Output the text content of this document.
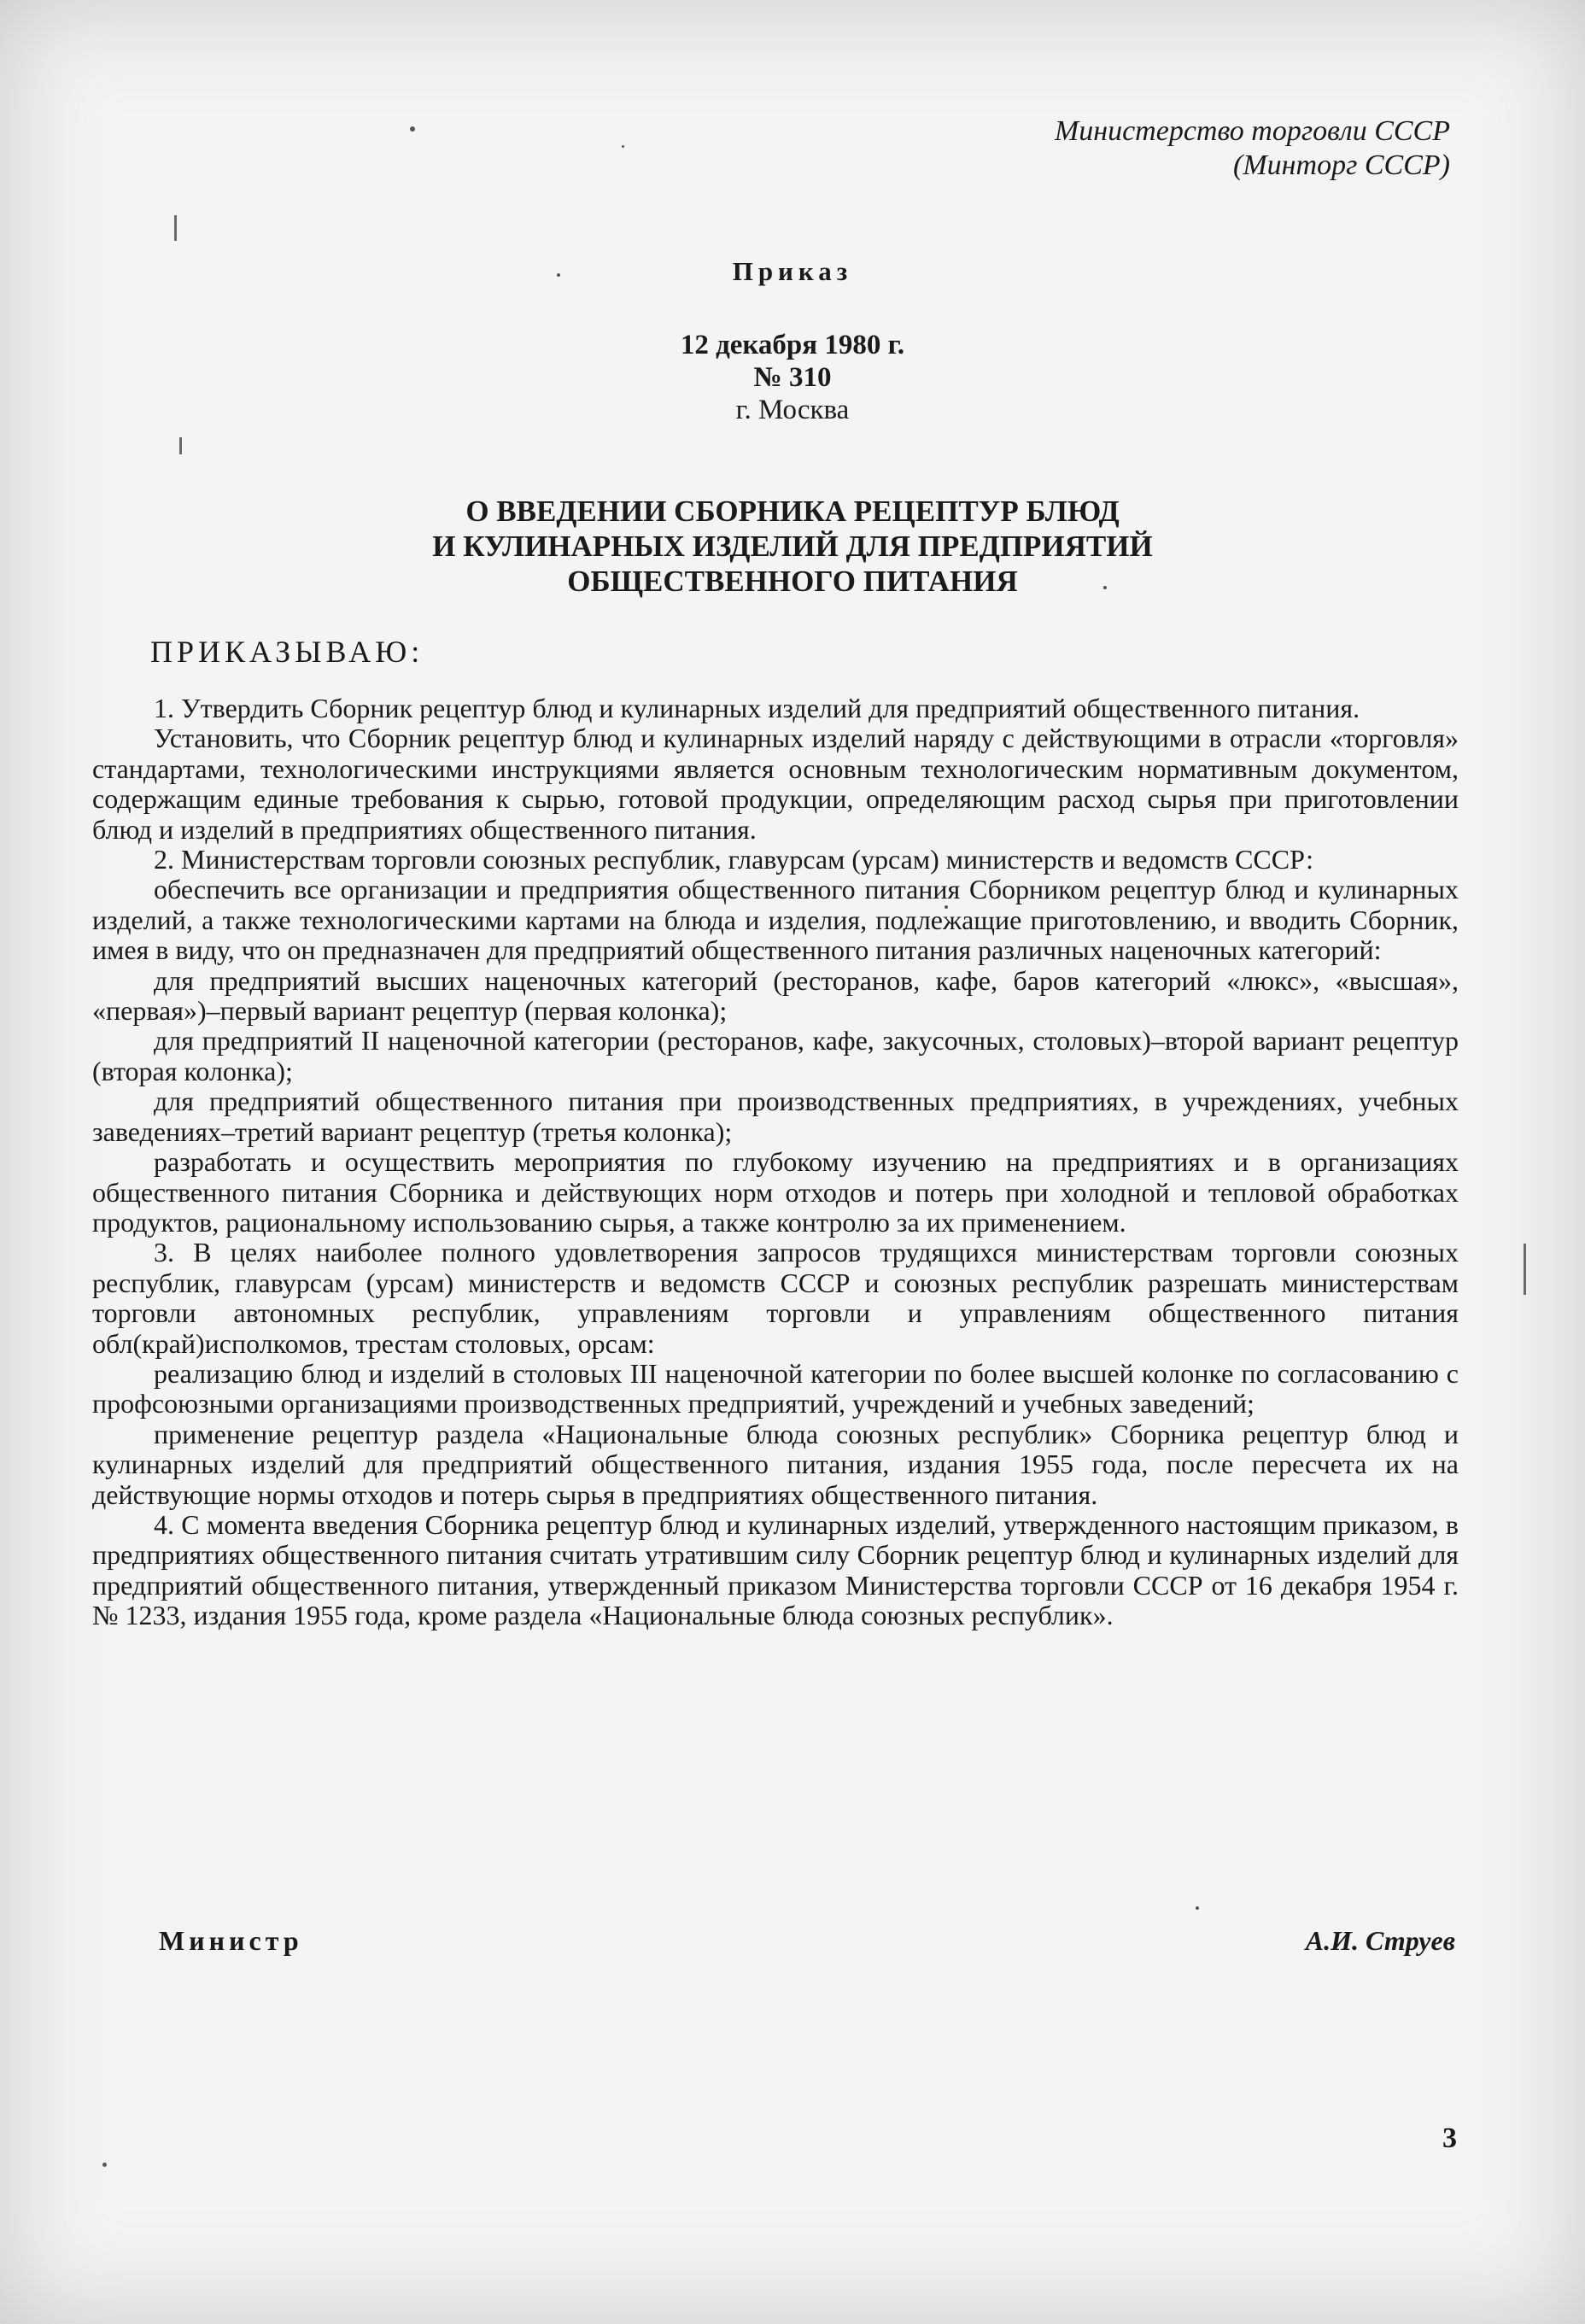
Министерство торговли СССР
(Минторг СССР)
Приказ
12 декабря 1980 г.
№ 310
г. Москва
О ВВЕДЕНИИ СБОРНИКА РЕЦЕПТУР БЛЮД
И КУЛИНАРНЫХ ИЗДЕЛИЙ ДЛЯ ПРЕДПРИЯТИЙ
ОБЩЕСТВЕННОГО ПИТАНИЯ
ПРИКАЗЫВАЮ:

1. Утвердить Сборник рецептур блюд и кулинарных изделий для предприятий общественного питания.

Установить, что Сборник рецептур блюд и кулинарных изделий наряду с действующими в отрасли «торговля» стандартами, технологическими инструкциями является основным технологическим нормативным документом, содержащим единые требования к сырью, готовой продукции, определяющим расход сырья при приготовлении блюд и изделий в предприятиях общественного питания.

2. Министерствам торговли союзных республик, главурсам (урсам) министерств и ведомств СССР:

обеспечить все организации и предприятия общественного питания Сборником рецептур блюд и кулинарных изделий, а также технологическими картами на блюда и изделия, подлежащие приготовлению, и вводить Сборник, имея в виду, что он предназначен для предприятий общественного питания различных наценочных категорий:

для предприятий высших наценочных категорий (ресторанов, кафе, баров категорий «люкс», «высшая», «первая»)–первый вариант рецептур (первая колонка);

для предприятий II наценочной категории (ресторанов, кафе, закусочных, столовых)–второй вариант рецептур (вторая колонка);

для предприятий общественного питания при производственных предприятиях, в учреждениях, учебных заведениях–третий вариант рецептур (третья колонка);

разработать и осуществить мероприятия по глубокому изучению на предприятиях и в организациях общественного питания Сборника и действующих норм отходов и потерь при холодной и тепловой обработках продуктов, рациональному использованию сырья, а также контролю за их применением.

3. В целях наиболее полного удовлетворения запросов трудящихся министерствам торговли союзных республик, главурсам (урсам) министерств и ведомств СССР и союзных республик разрешать министерствам торговли автономных республик, управлениям торговли и управлениям общественного питания обл(край)исполкомов, трестам столовых, орсам:

реализацию блюд и изделий в столовых III наценочной категории по более высшей колонке по согласованию с профсоюзными организациями производственных предприятий, учреждений и учебных заведений;

применение рецептур раздела «Национальные блюда союзных республик» Сборника рецептур блюд и кулинарных изделий для предприятий общественного питания, издания 1955 года, после пересчета их на действующие нормы отходов и потерь сырья в предприятиях общественного питания.

4. С момента введения Сборника рецептур блюд и кулинарных изделий, утвержденного настоящим приказом, в предприятиях общественного питания считать утратившим силу Сборник рецептур блюд и кулинарных изделий для предприятий общественного питания, утвержденный приказом Министерства торговли СССР от 16 декабря 1954 г. № 1233, издания 1955 года, кроме раздела «Национальные блюда союзных республик».

Министр	А.И. Струев
3
